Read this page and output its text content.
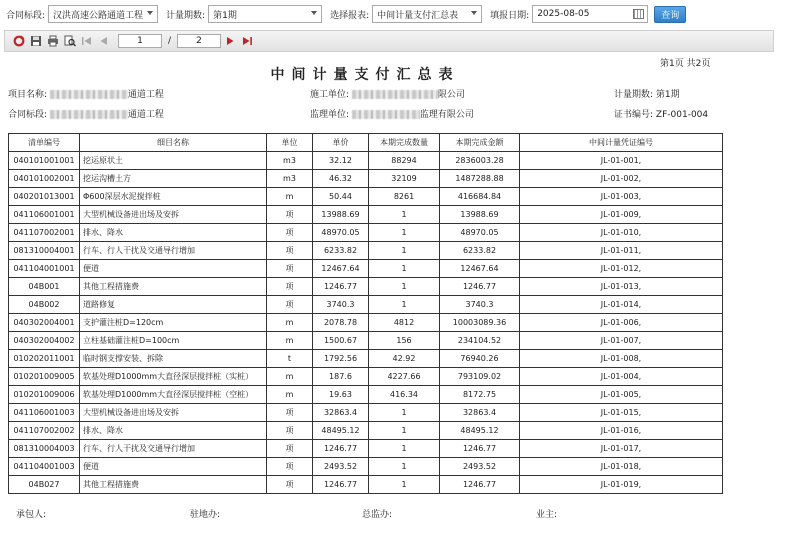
合同标段: 汉洪高速公路通道工程	计量期数: 第1期	选择报表: 中间计量支付汇总表	填报日期: 2025-08-05	查询
1	/	2
第1页 共2页
中间计量支付汇总表
项目名称:	通道工程	施工单位:	限公司	计量期数: 第1期
合同标段:	通道工程	监理单位:	监理有限公司	证书编号: ZF-001-004
清单编号	细目名称	单位	单价	本期完成数量	本期完成金额	中间计量凭证编号
040101001001	挖运原状土	m3	32.12	88294	2836003.28	JL-01-001,
040101002001	挖运沟槽土方	m3	46.32	32109	1487288.88	JL-01-002,
040201013001	Φ600深层水泥搅拌桩	m	50.44	8261	416684.84	JL-01-003,
041106001001	大型机械设备进出场及安拆	项	13988.69	1	13988.69	JL-01-009,
041107002001	排水、降水	项	48970.05	1	48970.05	JL-01-010,
081310004001	行车、行人干扰及交通导行增加	项	6233.82	1	6233.82	JL-01-011,
041104001001	便道	项	12467.64	1	12467.64	JL-01-012,
04B001	其他工程措施费	项	1246.77	1	1246.77	JL-01-013,
04B002	道路修复	项	3740.3	1	3740.3	JL-01-014,
040302004001	支护灌注桩D=120cm	m	2078.78	4812	10003089.36	JL-01-006,
040302004002	立柱基础灌注桩D=100cm	m	1500.67	156	234104.52	JL-01-007,
010202011001	临时钢支撑安装、拆除	t	1792.56	42.92	76940.26	JL-01-008,
010201009005	软基处理D1000mm大直径深层搅拌桩（实桩）	m	187.6	4227.66	793109.02	JL-01-004,
010201009006	软基处理D1000mm大直径深层搅拌桩（空桩）	m	19.63	416.34	8172.75	JL-01-005,
041106001003	大型机械设备进出场及安拆	项	32863.4	1	32863.4	JL-01-015,
041107002002	排水、降水	项	48495.12	1	48495.12	JL-01-016,
081310004003	行车、行人干扰及交通导行增加	项	1246.77	1	1246.77	JL-01-017,
041104001003	便道	项	2493.52	1	2493.52	JL-01-018,
04B027	其他工程措施费	项	1246.77	1	1246.77	JL-01-019,
承包人:	驻地办:	总监办:	业主:
